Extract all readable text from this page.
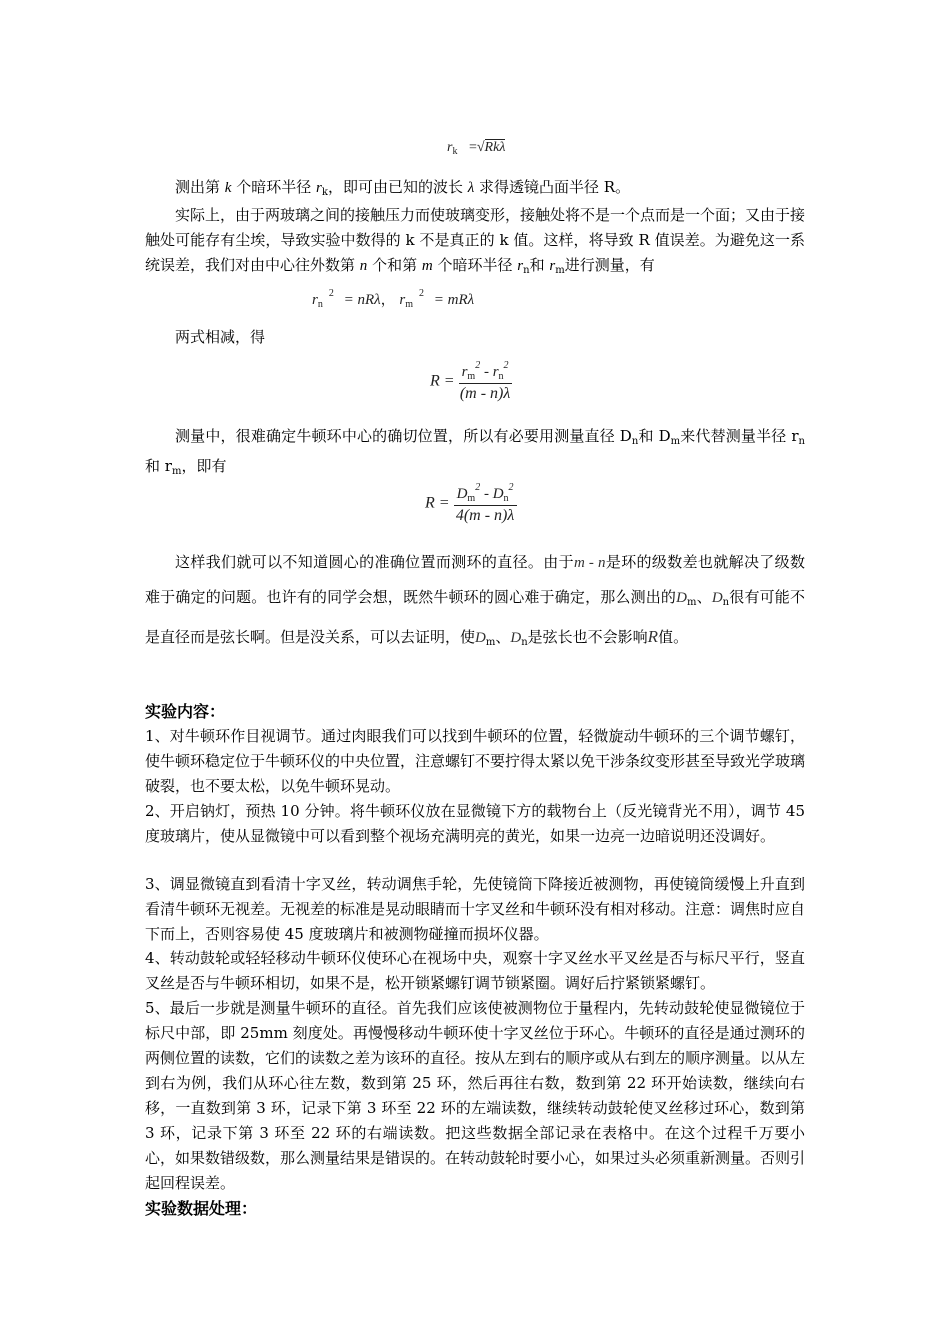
$r_k =√Rk\lambda$

测出第 k 个暗环半径 $r_k$，即可由已知的波长 λ 求得透镜凸面半径 R。

实际上，由于两玻璃之间的接触压力而使玻璃变形，接触处将不是一个点而是一个面；又由于接触处可能存有尘埃，导致实验中数得的 k 不是真正的 k 值。这样，将导致 R 值误差。为避免这一系统误差，我们对由中心往外数第 n 个和第 m 个暗环半径 $r_n$和 $r_m$进行测量，有

$r_n^2 = nR\lambda$， $r_m^2 = mR\lambda$

两式相减，得

$R = \frac{r_m^2 - r_n^2}{(m - n)\lambda}$

测量中，很难确定牛顿环中心的确切位置，所以有必要用测量直径 $D_n$和 $D_m$来代替测量半径 $r_n$和 $r_m$，即有

$R = \frac{D_m^2 - D_n^2}{4(m - n)\lambda}$

这样我们就可以不知道圆心的准确位置而测环的直径。由于m - n是环的级数差也就解决了级数难于确定的问题。也许有的同学会想，既然牛顿环的圆心难于确定，那么测出的$D_m$、$D_n$很有可能不是直径而是弦长啊。但是没关系，可以去证明，使$D_m$、$D_n$是弦长也不会影响R值。

实验内容：

1、对牛顿环作目视调节。通过肉眼我们可以找到牛顿环的位置，轻微旋动牛顿环的三个调节螺钉，使牛顿环稳定位于牛顿环仪的中央位置，注意螺钉不要拧得太紧以免干涉条纹变形甚至导致光学玻璃破裂，也不要太松，以免牛顿环晃动。

2、开启钠灯，预热 10 分钟。将牛顿环仪放在显微镜下方的载物台上（反光镜背光不用），调节 45 度玻璃片，使从显微镜中可以看到整个视场充满明亮的黄光，如果一边亮一边暗说明还没调好。

3、调显微镜直到看清十字叉丝，转动调焦手轮，先使镜筒下降接近被测物，再使镜筒缓慢上升直到看清牛顿环无视差。无视差的标准是晃动眼睛而十字叉丝和牛顿环没有相对移动。注意：调焦时应自下而上，否则容易使 45 度玻璃片和被测物碰撞而损坏仪器。

4、转动鼓轮或轻轻移动牛顿环仪使环心在视场中央，观察十字叉丝水平叉丝是否与标尺平行，竖直叉丝是否与牛顿环相切，如果不是，松开锁紧螺钉调节锁紧圈。调好后拧紧锁紧螺钉。

5、最后一步就是测量牛顿环的直径。首先我们应该使被测物位于量程内，先转动鼓轮使显微镜位于标尺中部，即 25mm 刻度处。再慢慢移动牛顿环使十字叉丝位于环心。牛顿环的直径是通过测环的两侧位置的读数，它们的读数之差为该环的直径。按从左到右的顺序或从右到左的顺序测量。以从左到右为例，我们从环心往左数，数到第 25 环，然后再往右数，数到第 22 环开始读数，继续向右移，一直数到第 3 环，记录下第 3 环至 22 环的左端读数，继续转动鼓轮使叉丝移过环心，数到第 3 环，记录下第 3 环至 22 环的右端读数。把这些数据全部记录在表格中。在这个过程千万要小心，如果数错级数，那么测量结果是错误的。在转动鼓轮时要小心，如果过头必须重新测量。否则引起回程误差。

实验数据处理：
